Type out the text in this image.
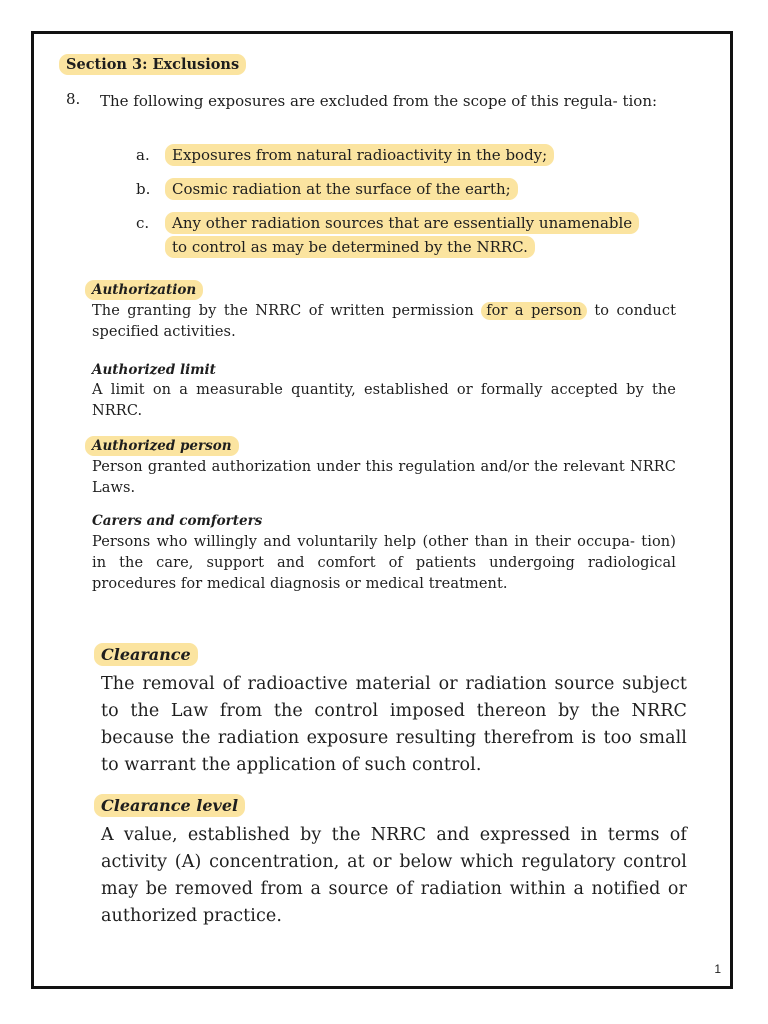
Section 3: Exclusions
8. The following exposures are excluded from the scope of this regula- tion:
a. Exposures from natural radioactivity in the body;
b. Cosmic radiation at the surface of the earth;
c. Any other radiation sources that are essentially unamenable
to control as may be determined by the NRRC.
Authorization
The granting by the NRRC of written permission for a person to conduct specified activities.
Authorized limit
A limit on a measurable quantity, established or formally accepted by the NRRC.
Authorized person
Person granted authorization under this regulation and/or the relevant NRRC Laws.
Carers and comforters
Persons who willingly and voluntarily help (other than in their occupa- tion) in the care, support and comfort of patients undergoing radiological procedures for medical diagnosis or medical treatment.
Clearance
The removal of radioactive material or radiation source subject to the Law from the control imposed thereon by the NRRC because the radiation exposure resulting therefrom is too small to warrant the application of such control.
Clearance level
A value, established by the NRRC and expressed in terms of activity (A) concentration, at or below which regulatory control may be removed from a source of radiation within a notified or authorized practice.
1
